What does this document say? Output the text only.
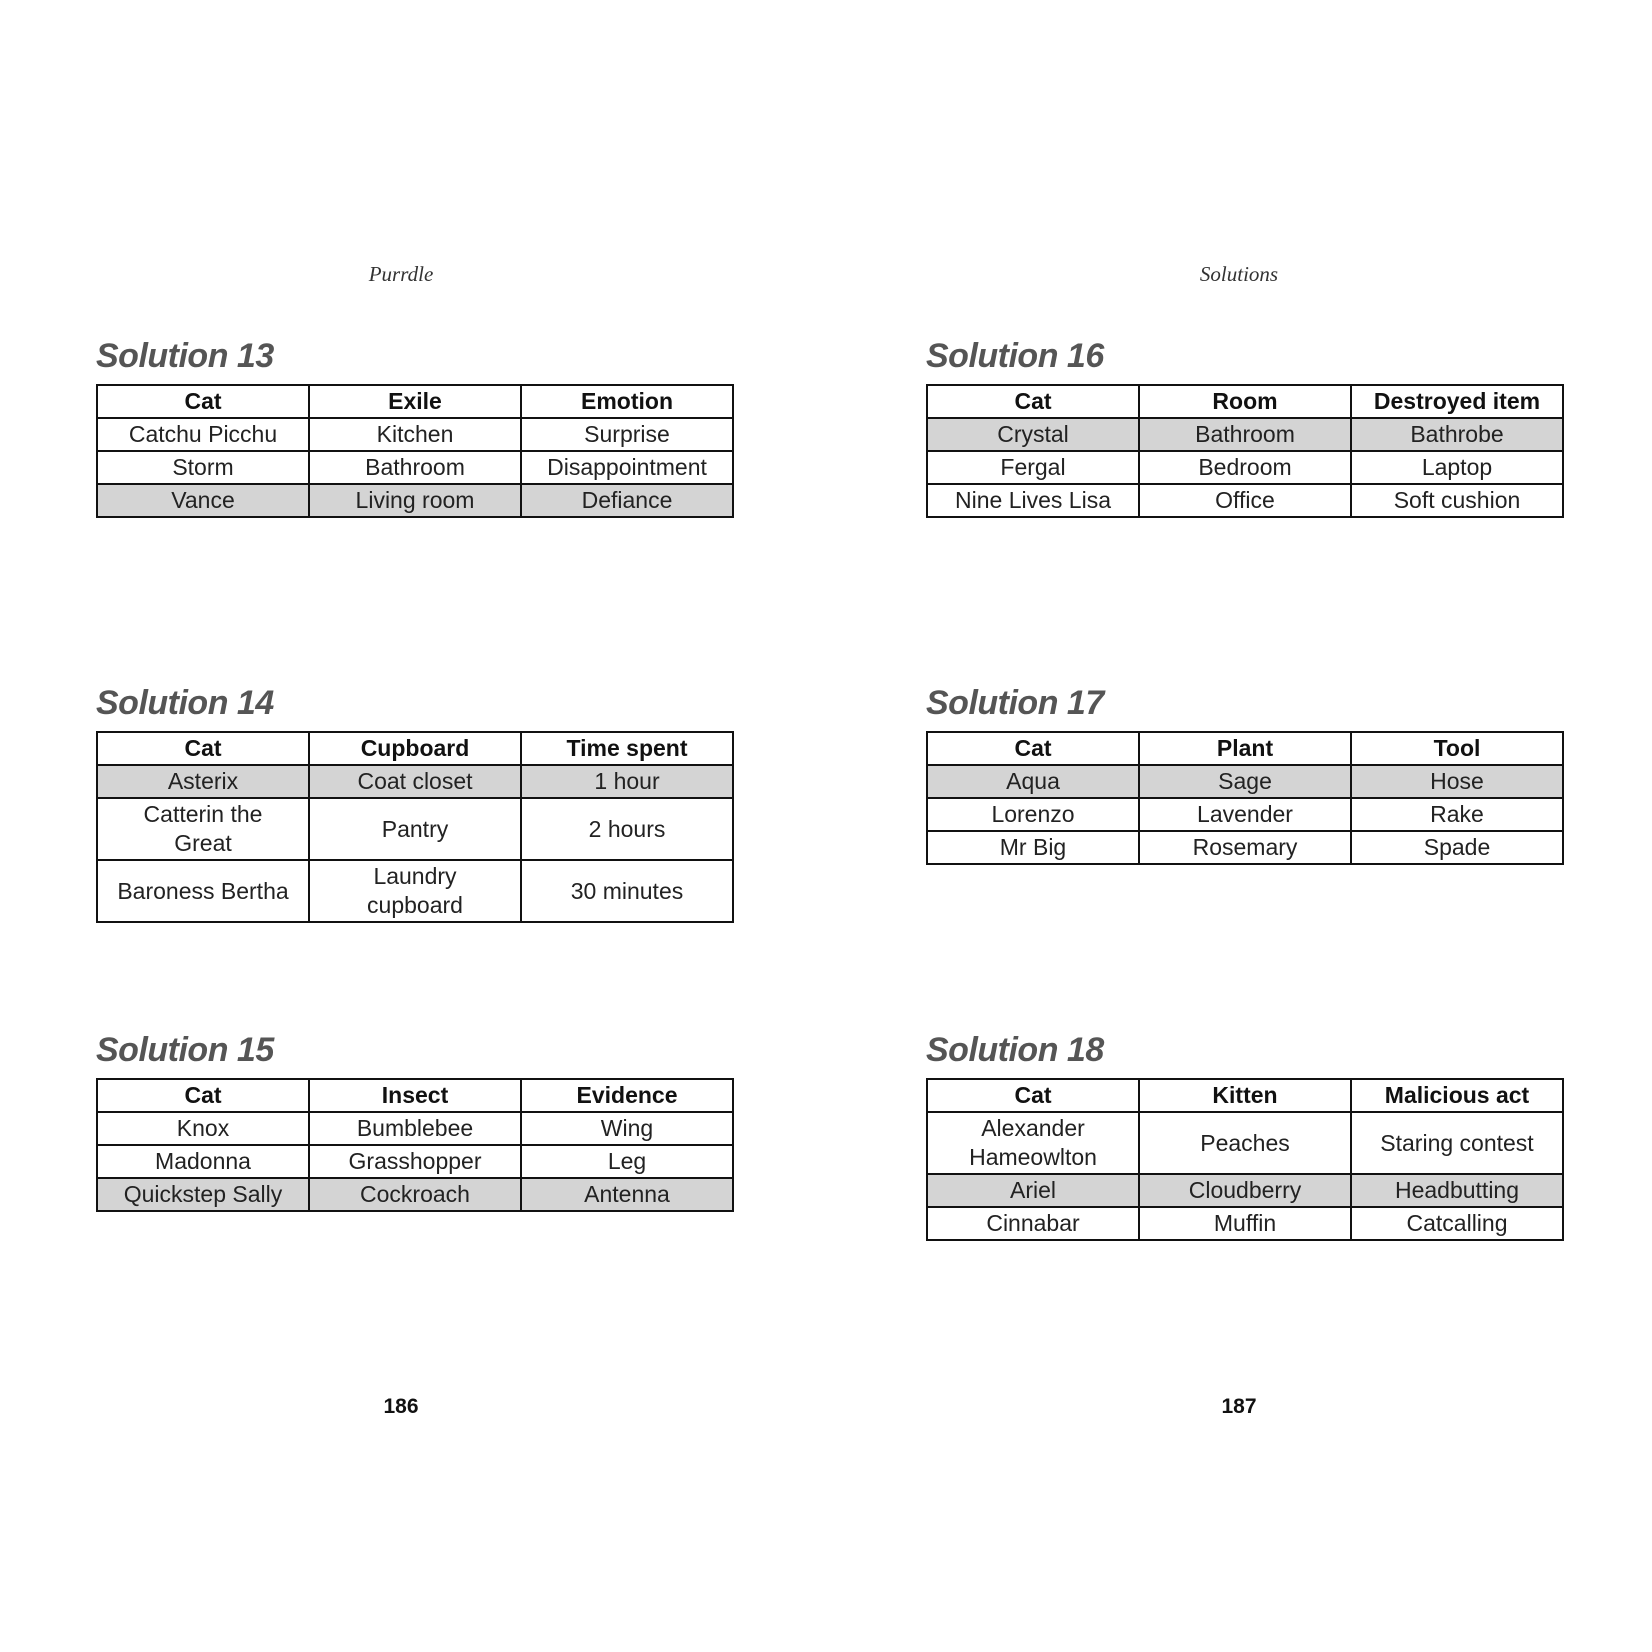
Purrdle
Solution 13
Cat	Exile	Emotion
Catchu Picchu	Kitchen	Surprise
Storm	Bathroom	Disappointment
Vance	Living room	Defiance
Solution 14
Cat	Cupboard	Time spent
Asterix	Coat closet	1 hour
Catterin the Great	Pantry	2 hours
Baroness Bertha	Laundry cupboard	30 minutes
Solution 15
Cat	Insect	Evidence
Knox	Bumblebee	Wing
Madonna	Grasshopper	Leg
Quickstep Sally	Cockroach	Antenna
186
Solutions
Solution 16
Cat	Room	Destroyed item
Crystal	Bathroom	Bathrobe
Fergal	Bedroom	Laptop
Nine Lives Lisa	Office	Soft cushion
Solution 17
Cat	Plant	Tool
Aqua	Sage	Hose
Lorenzo	Lavender	Rake
Mr Big	Rosemary	Spade
Solution 18
Cat	Kitten	Malicious act
Alexander Hameowlton	Peaches	Staring contest
Ariel	Cloudberry	Headbutting
Cinnabar	Muffin	Catcalling
187
